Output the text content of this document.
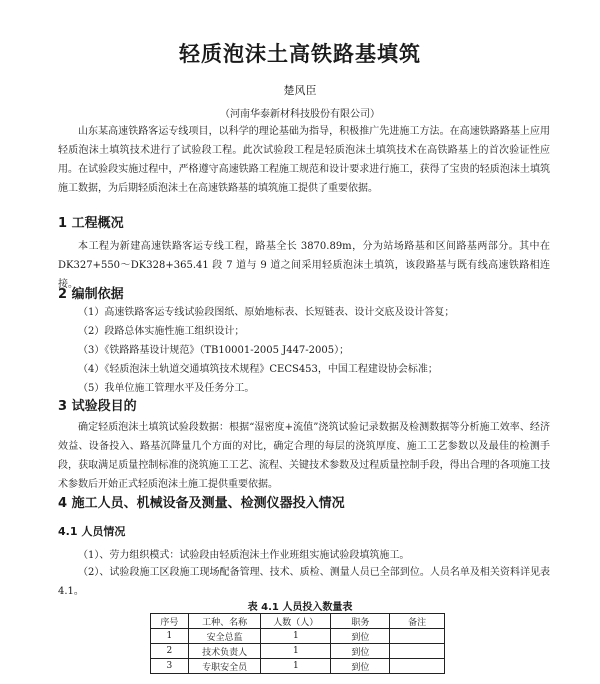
轻质泡沫土高铁路基填筑
楚风臣
（河南华泰新材科技股份有限公司）

山东某高速铁路客运专线项目，以科学的理论基础为指导，积极推广先进施工方法。在高速铁路路基上应用轻质泡沫土填筑技术进行了试验段工程。此次试验段工程是轻质泡沫土填筑技术在高铁路基上的首次验证性应用。在试验段实施过程中，严格遵守高速铁路工程施工规范和设计要求进行施工，获得了宝贵的轻质泡沫土填筑施工数据，为后期轻质泡沫土在高速铁路基的填筑施工提供了重要依据。

1 工程概况

本工程为新建高速铁路客运专线工程，路基全长 3870.89m，分为站场路基和区间路基两部分。其中在 DK327+550～DK328+365.41 段 7 道与 9 道之间采用轻质泡沫土填筑，该段路基与既有线高速铁路相连接。

2 编制依据
（1）高速铁路客运专线试验段图纸、原始地标表、长短链表、设计交底及设计答复；
（2）段路总体实施性施工组织设计；
（3）《铁路路基设计规范》（TB10001-2005 J447-2005）；
（4）《轻质泡沫土轨道交通填筑技术规程》CECS453，中国工程建设协会标准；
（5）我单位施工管理水平及任务分工。
3 试验段目的

确定轻质泡沫土填筑试验段数据：根据“湿密度+流值”浇筑试验记录数据及检测数据等分析施工效率、经济效益、设备投入、路基沉降量几个方面的对比，确定合理的每层的浇筑厚度、施工工艺参数以及最佳的检测手段，获取满足质量控制标准的浇筑施工工艺、流程、关键技术参数及过程质量控制手段，得出合理的各项施工技术参数后开始正式轻质泡沫土施工提供重要依据。

4 施工人员、机械设备及测量、检测仪器投入情况
4.1 人员情况

（1）、劳力组织模式：试验段由轻质泡沫土作业班组实施试验段填筑施工。

（2）、试验段施工区段施工现场配备管理、技术、质检、测量人员已全部到位。人员名单及相关资料详见表 4.1。

表 4.1 人员投入数量表
序号	工种、名称	人数（人）	职务	备注
1	安全总监	1	到位	
2	技术负责人	1	到位	
3	专职安全员	1	到位	
